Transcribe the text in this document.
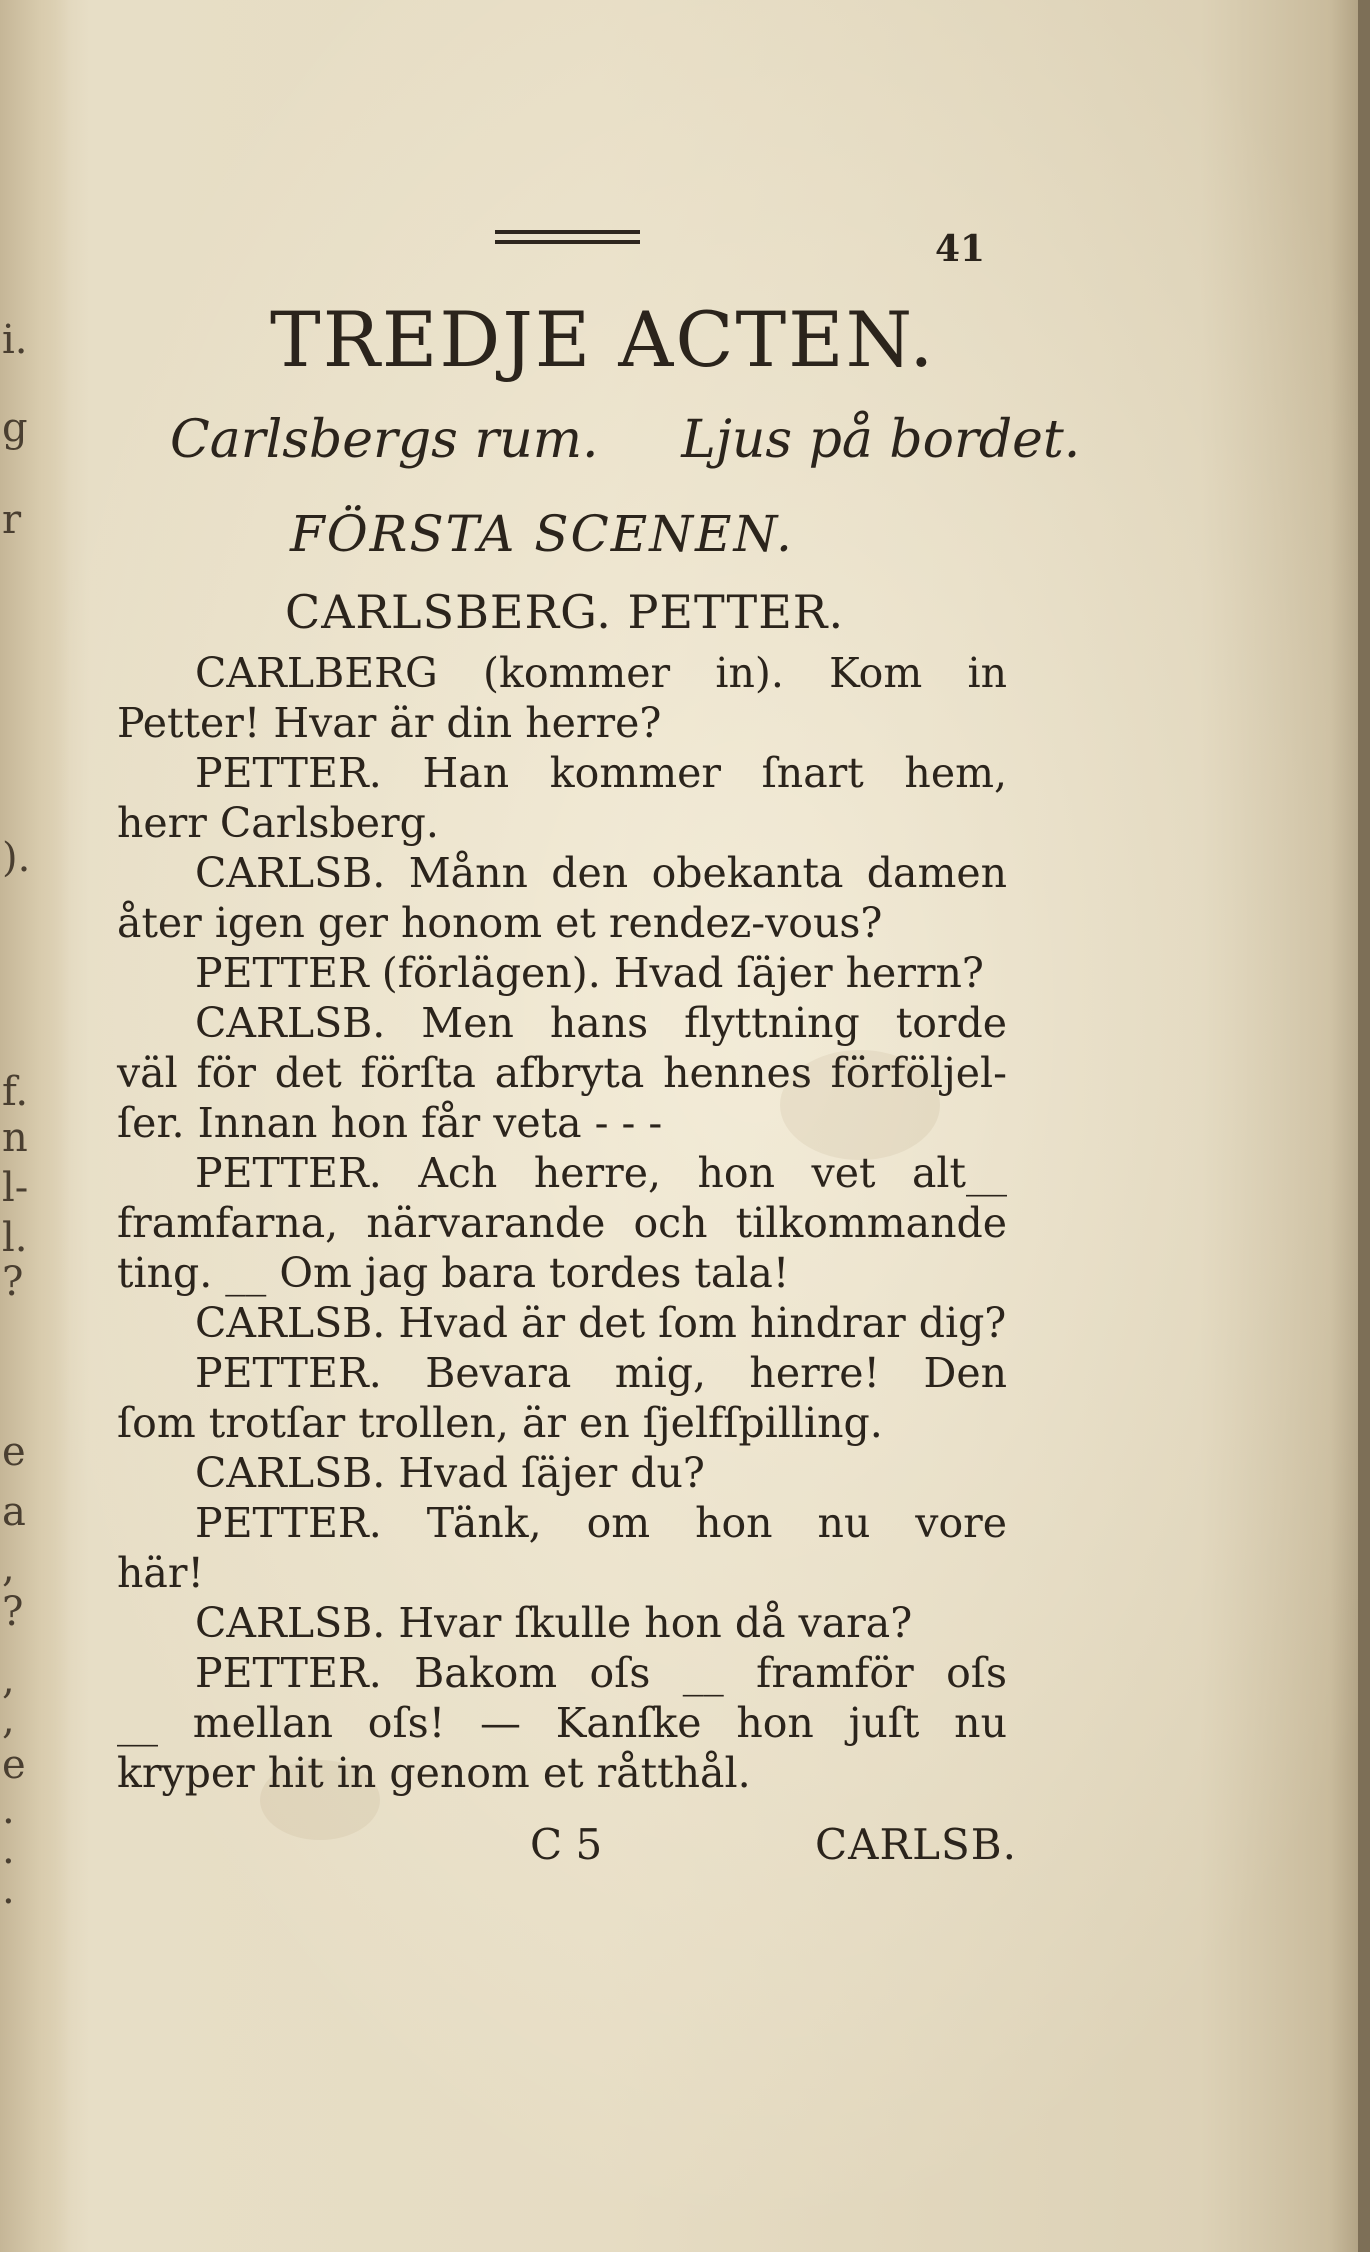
i.
g
r
).
f.
n
l-
l.
?
e
a
,
?
,
,
e
.
.
.
41
TREDJE ACTEN.
Carlsbergs rum.     Ljus på bordet.
FÖRSTA SCENEN.
CARLSBERG. PETTER.
CARLBERG (kommer in). Kom in
Petter! Hvar är din herre?
PETTER. Han kommer ſnart hem,
herr Carlsberg.
CARLSB. Månn den obekanta damen
åter igen ger honom et rendez-vous?
PETTER (förlägen). Hvad ſäjer herrn?
CARLSB. Men hans flyttning torde
väl för det förſta afbryta hennes förföljel-
ſer. Innan hon får veta - - -
PETTER. Ach herre, hon vet alt__
framfarna, närvarande och tilkommande
ting. __ Om jag bara tordes tala!
CARLSB. Hvad är det ſom hindrar dig?
PETTER. Bevara mig, herre! Den
ſom trotſar trollen, är en ſjelfſpilling.
CARLSB. Hvad ſäjer du?
PETTER. Tänk, om hon nu vore
här!
CARLSB. Hvar ſkulle hon då vara?
PETTER. Bakom oſs __ framför oſs
__ mellan oſs! — Kanſke hon juſt nu
kryper hit in genom et råtthål.
C 5	CARLSB.
